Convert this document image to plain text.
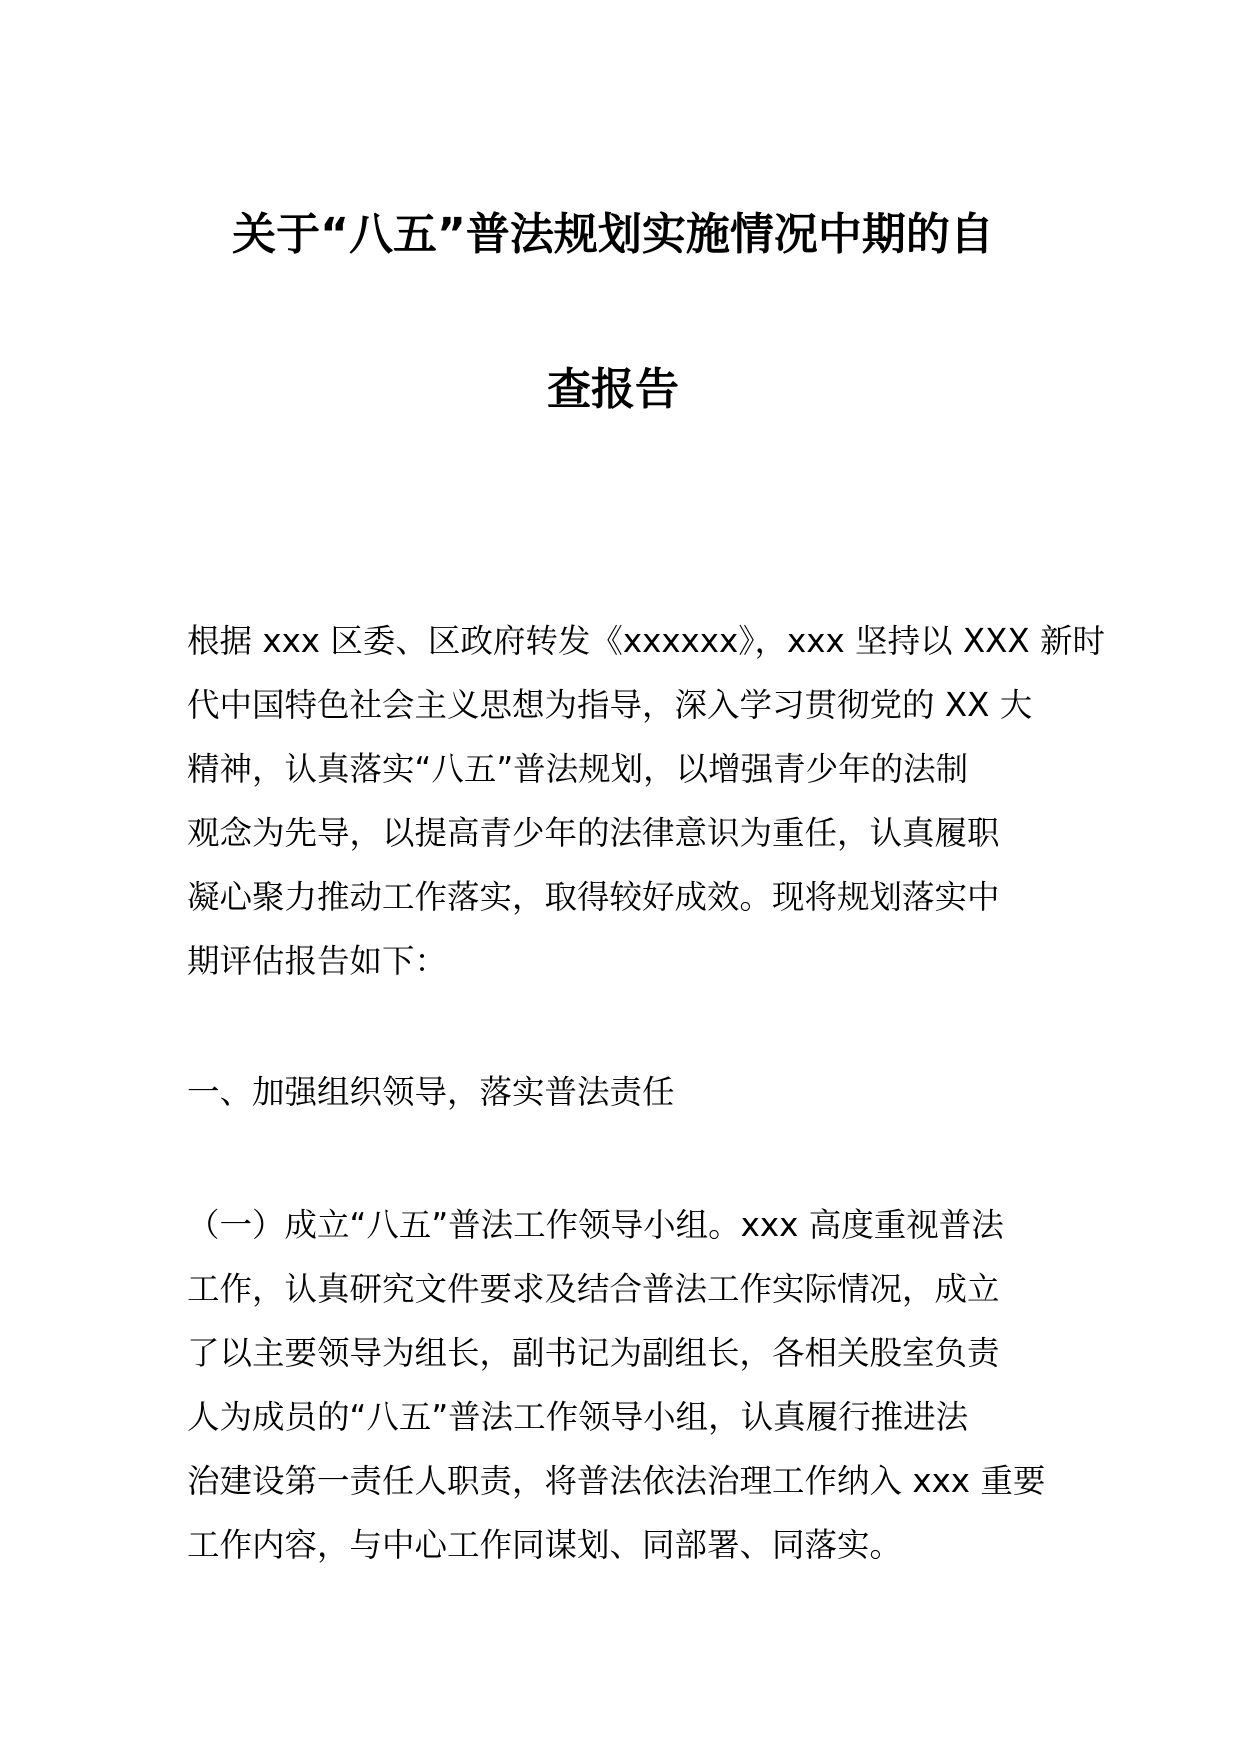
关于“八五”普法规划实施情况中期的自
查报告
根据 xxx 区委、区政府转发《xxxxxx》，xxx 坚持以 XXX 新时
代中国特色社会主义思想为指导，深入学习贯彻党的 XX 大
精神，认真落实“八五”普法规划，以增强青少年的法制
观念为先导，以提高青少年的法律意识为重任，认真履职
凝心聚力推动工作落实，取得较好成效。现将规划落实中
期评估报告如下：
一、加强组织领导，落实普法责任
（一）成立“八五”普法工作领导小组。xxx 高度重视普法
工作，认真研究文件要求及结合普法工作实际情况，成立
了以主要领导为组长，副书记为副组长，各相关股室负责
人为成员的“八五”普法工作领导小组，认真履行推进法
治建设第一责任人职责，将普法依法治理工作纳入 xxx 重要
工作内容，与中心工作同谋划、同部署、同落实。
